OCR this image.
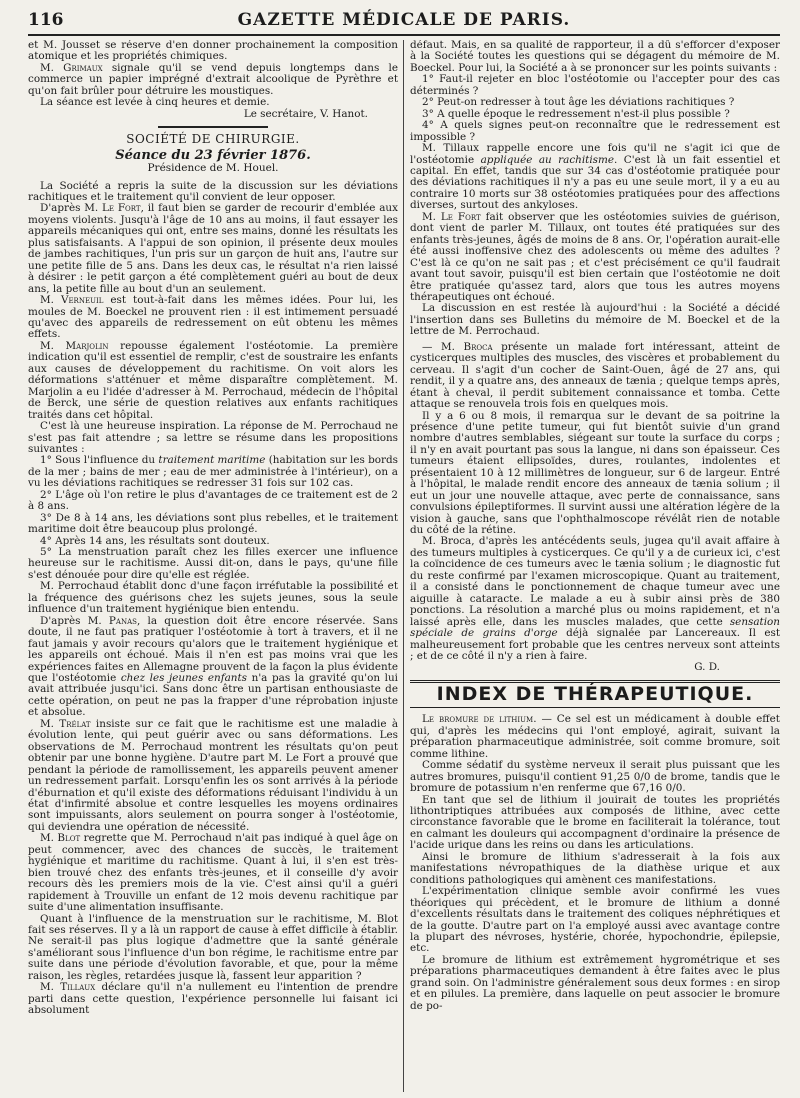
116	GAZETTE MÉDICALE DE PARIS.

et M. Jousset se réserve d'en donner prochainement la composition atomique et les propriétés chimiques.

M. Grimaux signale qu'il se vend depuis longtemps dans le commerce un papier imprégné d'extrait alcoolique de Pyrèthre et qu'on fait brûler pour détruire les moustiques.

La séance est levée à cinq heures et demie.

Le secrétaire, V. Hanot.

SOCIÉTÉ DE CHIRURGIE.
Séance du 23 février 1876.
Présidence de M. Houel.

La Société a repris la suite de la discussion sur les déviations rachitiques et le traitement qu'il convient de leur opposer.

D'après M. Le Fort, il faut bien se garder de recourir d'emblée aux moyens violents. Jusqu'à l'âge de 10 ans au moins, il faut essayer les appareils mécaniques qui ont, entre ses mains, donné les résultats les plus satisfaisants. A l'appui de son opinion, il présente deux moules de jambes rachitiques, l'un pris sur un garçon de huit ans, l'autre sur une petite fille de 5 ans. Dans les deux cas, le résultat n'a rien laissé à désirer : le petit garçon a été complètement guéri au bout de deux ans, la petite fille au bout d'un an seulement.

M. Verneuil est tout-à-fait dans les mêmes idées. Pour lui, les moules de M. Boeckel ne prouvent rien : il est intimement persuadé qu'avec des appareils de redressement on eût obtenu les mêmes effets.

M. Marjolin repousse également l'ostéotomie. La première indication qu'il est essentiel de remplir, c'est de soustraire les enfants aux causes de développement du rachitisme. On voit alors les déformations s'atténuer et même disparaître complètement. M. Marjolin a eu l'idée d'adresser à M. Perrochaud, médecin de l'hôpital de Berck, une série de question relatives aux enfants rachitiques traités dans cet hôpital.

C'est là une heureuse inspiration. La réponse de M. Perrochaud ne s'est pas fait attendre ; sa lettre se résume dans les propositions suivantes :

1° Sous l'influence du traitement maritime (habitation sur les bords de la mer ; bains de mer ; eau de mer administrée à l'intérieur), on a vu les déviations rachitiques se redresser 31 fois sur 102 cas.

2° L'âge où l'on retire le plus d'avantages de ce traitement est de 2 à 8 ans.

3° De 8 à 14 ans, les déviations sont plus rebelles, et le traitement maritime doit être beaucoup plus prolongé.

4° Après 14 ans, les résultats sont douteux.

5° La menstruation paraît chez les filles exercer une influence heureuse sur le rachitisme. Aussi dit-on, dans le pays, qu'une fille s'est dénouée pour dire qu'elle est réglée.

M. Perrochaud établit donc d'une façon irréfutable la possibilité et la fréquence des guérisons chez les sujets jeunes, sous la seule influence d'un traitement hygiénique bien entendu.

D'après M. Panas, la question doit être encore réservée. Sans doute, il ne faut pas pratiquer l'ostéotomie à tort à travers, et il ne faut jamais y avoir recours qu'alors que le traitement hygiénique et les appareils ont échoué. Mais il n'en est pas moins vrai que les expériences faites en Allemagne prouvent de la façon la plus évidente que l'ostéotomie chez les jeunes enfants n'a pas la gravité qu'on lui avait attribuée jusqu'ici. Sans donc être un partisan enthousiaste de cette opération, on peut ne pas la frapper d'une réprobation injuste et absolue.

M. Trélat insiste sur ce fait que le rachitisme est une maladie à évolution lente, qui peut guérir avec ou sans déformations. Les observations de M. Perrochaud montrent les résultats qu'on peut obtenir par une bonne hygiène. D'autre part M. Le Fort a prouvé que pendant la période de ramollissement, les appareils peuvent amener un redressement parfait. Lorsqu'enfin les os sont arrivés à la période d'éburnation et qu'il existe des déformations réduisant l'individu à un état d'infirmité absolue et contre lesquelles les moyens ordinaires sont impuissants, alors seulement on pourra songer à l'ostéotomie, qui deviendra une opération de nécessité.

M. Blot regrette que M. Perrochaud n'ait pas indiqué à quel âge on peut commencer, avec des chances de succès, le traitement hygiénique et maritime du rachitisme. Quant à lui, il s'en est très-bien trouvé chez des enfants très-jeunes, et il conseille d'y avoir recours dès les premiers mois de la vie. C'est ainsi qu'il a guéri rapidement à Trouville un enfant de 12 mois devenu rachitique par suite d'une alimentation insuffisante.

Quant à l'influence de la menstruation sur le rachitisme, M. Blot fait ses réserves. Il y a là un rapport de cause à effet difficile à établir. Ne serait-il pas plus logique d'admettre que la santé générale s'améliorant sous l'influence d'un bon régime, le rachitisme entre par suite dans une période d'évolution favorable, et que, pour la même raison, les règles, retardées jusque là, fassent leur apparition ?

M. Tillaux déclare qu'il n'a nullement eu l'intention de prendre parti dans cette question, l'expérience personnelle lui faisant ici absolument

défaut. Mais, en sa qualité de rapporteur, il a dû s'efforcer d'exposer à la Société toutes les questions qui se dégagent du mémoire de M. Boeckel. Pour lui, la Société a à se prononcer sur les points suivants :

1° Faut-il rejeter en bloc l'ostéotomie ou l'accepter pour des cas déterminés ?

2° Peut-on redresser à tout âge les déviations rachitiques ?

3° A quelle époque le redressement n'est-il plus possible ?

4° A quels signes peut-on reconnaître que le redressement est impossible ?

M. Tillaux rappelle encore une fois qu'il ne s'agit ici que de l'ostéotomie appliquée au rachitisme. C'est là un fait essentiel et capital. En effet, tandis que sur 34 cas d'ostéotomie pratiquée pour des déviations rachitiques il n'y a pas eu une seule mort, il y a eu au contraire 10 morts sur 38 ostéotomies pratiquées pour des affections diverses, surtout des ankyloses.

M. Le Fort fait observer que les ostéotomies suivies de guérison, dont vient de parler M. Tillaux, ont toutes été pratiquées sur des enfants très-jeunes, âgés de moins de 8 ans. Or, l'opération aurait-elle été aussi inoffensive chez des adolescents ou même des adultes ? C'est là ce qu'on ne sait pas ; et c'est précisément ce qu'il faudrait avant tout savoir, puisqu'il est bien certain que l'ostéotomie ne doit être pratiquée qu'assez tard, alors que tous les autres moyens thérapeutiques ont échoué.

La discussion en est restée là aujourd'hui : la Société a décidé l'insertion dans ses Bulletins du mémoire de M. Boeckel et de la lettre de M. Perrochaud.

— M. Broca présente un malade fort intéressant, atteint de cysticerques multiples des muscles, des viscères et probablement du cerveau. Il s'agit d'un cocher de Saint-Ouen, âgé de 27 ans, qui rendit, il y a quatre ans, des anneaux de tænia ; quelque temps après, étant à cheval, il perdit subitement connaissance et tomba. Cette attaque se renouvela trois fois en quelques mois.

Il y a 6 ou 8 mois, il remarqua sur le devant de sa poitrine la présence d'une petite tumeur, qui fut bientôt suivie d'un grand nombre d'autres semblables, siégeant sur toute la surface du corps ; il n'y en avait pourtant pas sous la langue, ni dans son épaisseur. Ces tumeurs étaient ellipsoïdes, dures, roulantes, indolentes et présentaient 10 à 12 millimètres de longueur, sur 6 de largeur. Entré à l'hôpital, le malade rendit encore des anneaux de tænia solium ; il eut un jour une nouvelle attaque, avec perte de connaissance, sans convulsions épileptiformes. Il survint aussi une altération légère de la vision à gauche, sans que l'ophthalmoscope révélât rien de notable du côté de la rétine.

M. Broca, d'après les antécédents seuls, jugea qu'il avait affaire à des tumeurs multiples à cysticerques. Ce qu'il y a de curieux ici, c'est la coïncidence de ces tumeurs avec le tænia solium ; le diagnostic fut du reste confirmé par l'examen microscopique. Quant au traitement, il a consisté dans le ponctionnement de chaque tumeur avec une aiguille à cataracte. Le malade a eu à subir ainsi près de 380 ponctions. La résolution a marché plus ou moins rapidement, et n'a laissé après elle, dans les muscles malades, que cette sensation spéciale de grains d'orge déjà signalée par Lancereaux. Il est malheureusement fort probable que les centres nerveux sont atteints ; et de ce côté il n'y a rien à faire.

G. D.

INDEX DE THÉRAPEUTIQUE.

Le bromure de lithium. — Ce sel est un médicament à double effet qui, d'après les médecins qui l'ont employé, agirait, suivant la préparation pharmaceutique administrée, soit comme bromure, soit comme lithine.

Comme sédatif du système nerveux il serait plus puissant que les autres bromures, puisqu'il contient 91,25 0/0 de brome, tandis que le bromure de potassium n'en renferme que 67,16 0/0.

En tant que sel de lithium il jouirait de toutes les propriétés lithontriptiques attribuées aux composés de lithine, avec cette circonstance favorable que le brome en faciliterait la tolérance, tout en calmant les douleurs qui accompagnent d'ordinaire la présence de l'acide urique dans les reins ou dans les articulations.

Ainsi le bromure de lithium s'adresserait à la fois aux manifestations névropathiques de la diathèse urique et aux conditions pathologiques qui amènent ces manifestations.

L'expérimentation clinique semble avoir confirmé les vues théoriques qui précèdent, et le bromure de lithium a donné d'excellents résultats dans le traitement des coliques néphrétiques et de la goutte. D'autre part on l'a employé aussi avec avantage contre la plupart des névroses, hystérie, chorée, hypochondrie, épilepsie, etc.

Le bromure de lithium est extrêmement hygrométrique et ses préparations pharmaceutiques demandent à être faites avec le plus grand soin. On l'administre généralement sous deux formes : en sirop et en pilules. La première, dans laquelle on peut associer le bromure de po-
